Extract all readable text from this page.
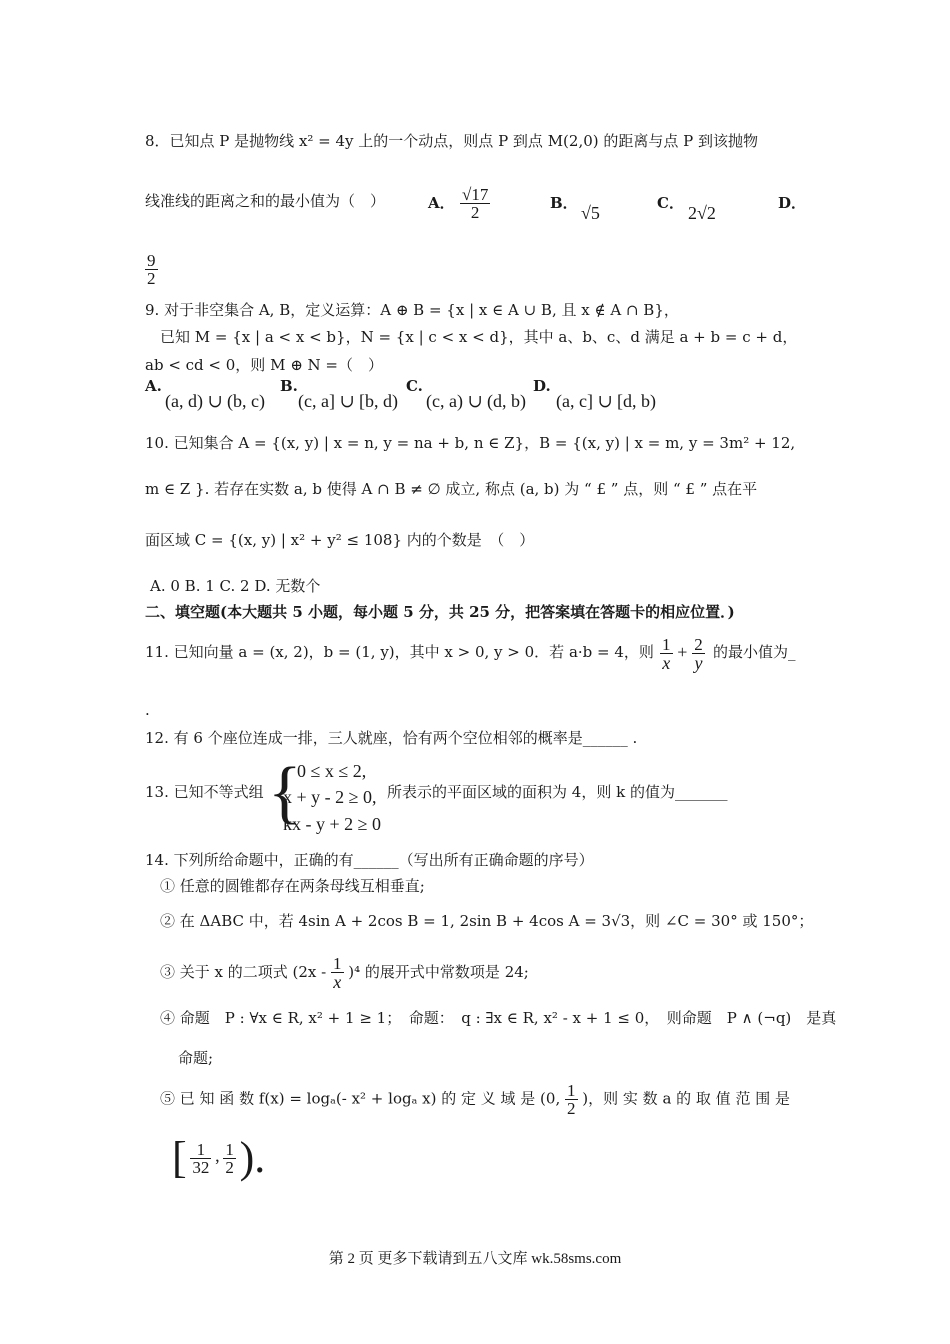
8．已知点 P 是抛物线 x² = 4y 上的一个动点，则点 P 到点 M(2,0) 的距离与点 P 到该抛物
线准线的距离之和的最小值为（　）	A． $\frac{√17}{2}$	B． √5	C． 2√2	D．
$\frac{9}{2}$
9. 对于非空集合 A, B，定义运算：A ⊕ B = {x | x ∈ A ∪ B, 且 x ∉ A ∩ B}，
已知 M = {x | a < x < b}，N = {x | c < x < d}，其中 a、b、c、d 满足 a + b = c + d，
ab < cd < 0，则 M ⊕ N =（　）
A.
(a, d) ∪ (b, c)
B.
(c, a] ∪ [b, d)
C.
(c, a) ∪ (d, b)
D.
(a, c] ∪ [d, b)
10. 已知集合 A = {(x, y) | x = n, y = na + b, n ∈ Z}，B = {(x, y) | x = m, y = 3m² + 12,
m ∈ Z }. 若存在实数 a, b 使得 A ∩ B ≠ ∅ 成立, 称点 (a, b) 为 “ £ ” 点，则 “ £ ” 点在平
面区域 C = {(x, y) | x² + y² ≤ 108} 内的个数是　（　）
A. 0 B. 1 C. 2 D. 无数个
二、填空题(本大题共 5 小题，每小题 5 分，共 25 分，把答案填在答题卡的相应位置．)
11. 已知向量 a = (x, 2)，b = (1, y)，其中 x > 0, y > 0．若 a·b = 4，则 $\frac{1}{x} + \frac{2}{y}$ 的最小值为_
.
12. 有 6 个座位连成一排，三人就座，恰有两个空位相邻的概率是______ .
13. 已知不等式组 {
0 ≤ x ≤ 2,
x + y - 2 ≥ 0,
kx - y + 2 ≥ 0
所表示的平面区域的面积为 4，则 k 的值为_______
14. 下列所给命题中，正确的有______（写出所有正确命题的序号）
① 任意的圆锥都存在两条母线互相垂直;
② 在 ΔABC 中，若 4sin A + 2cos B = 1, 2sin B + 4cos A = 3√3，则 ∠C = 30° 或 150°；
③ 关于 x 的二项式 $(2x - \frac{1}{x} )^4$ 的展开式中常数项是 24;
④ 命题　P : ∀x ∈ R, x² + 1 ≥ 1；　命题：　q : ∃x ∈ R, x² - x + 1 ≤ 0，　则命题　P ∧ (¬q)　是真
命题;
⑤ 已 知 函 数 f(x) = logₐ(- x² + logₐ x) 的 定 义 域 是 (0, $\frac{1}{2}$ )，则 实 数 a 的 取 值 范 围 是
[ $\frac{1}{32}$ , $\frac{1}{2}$ ).
第 2 页 更多下载请到五八文库 wk.58sms.com
